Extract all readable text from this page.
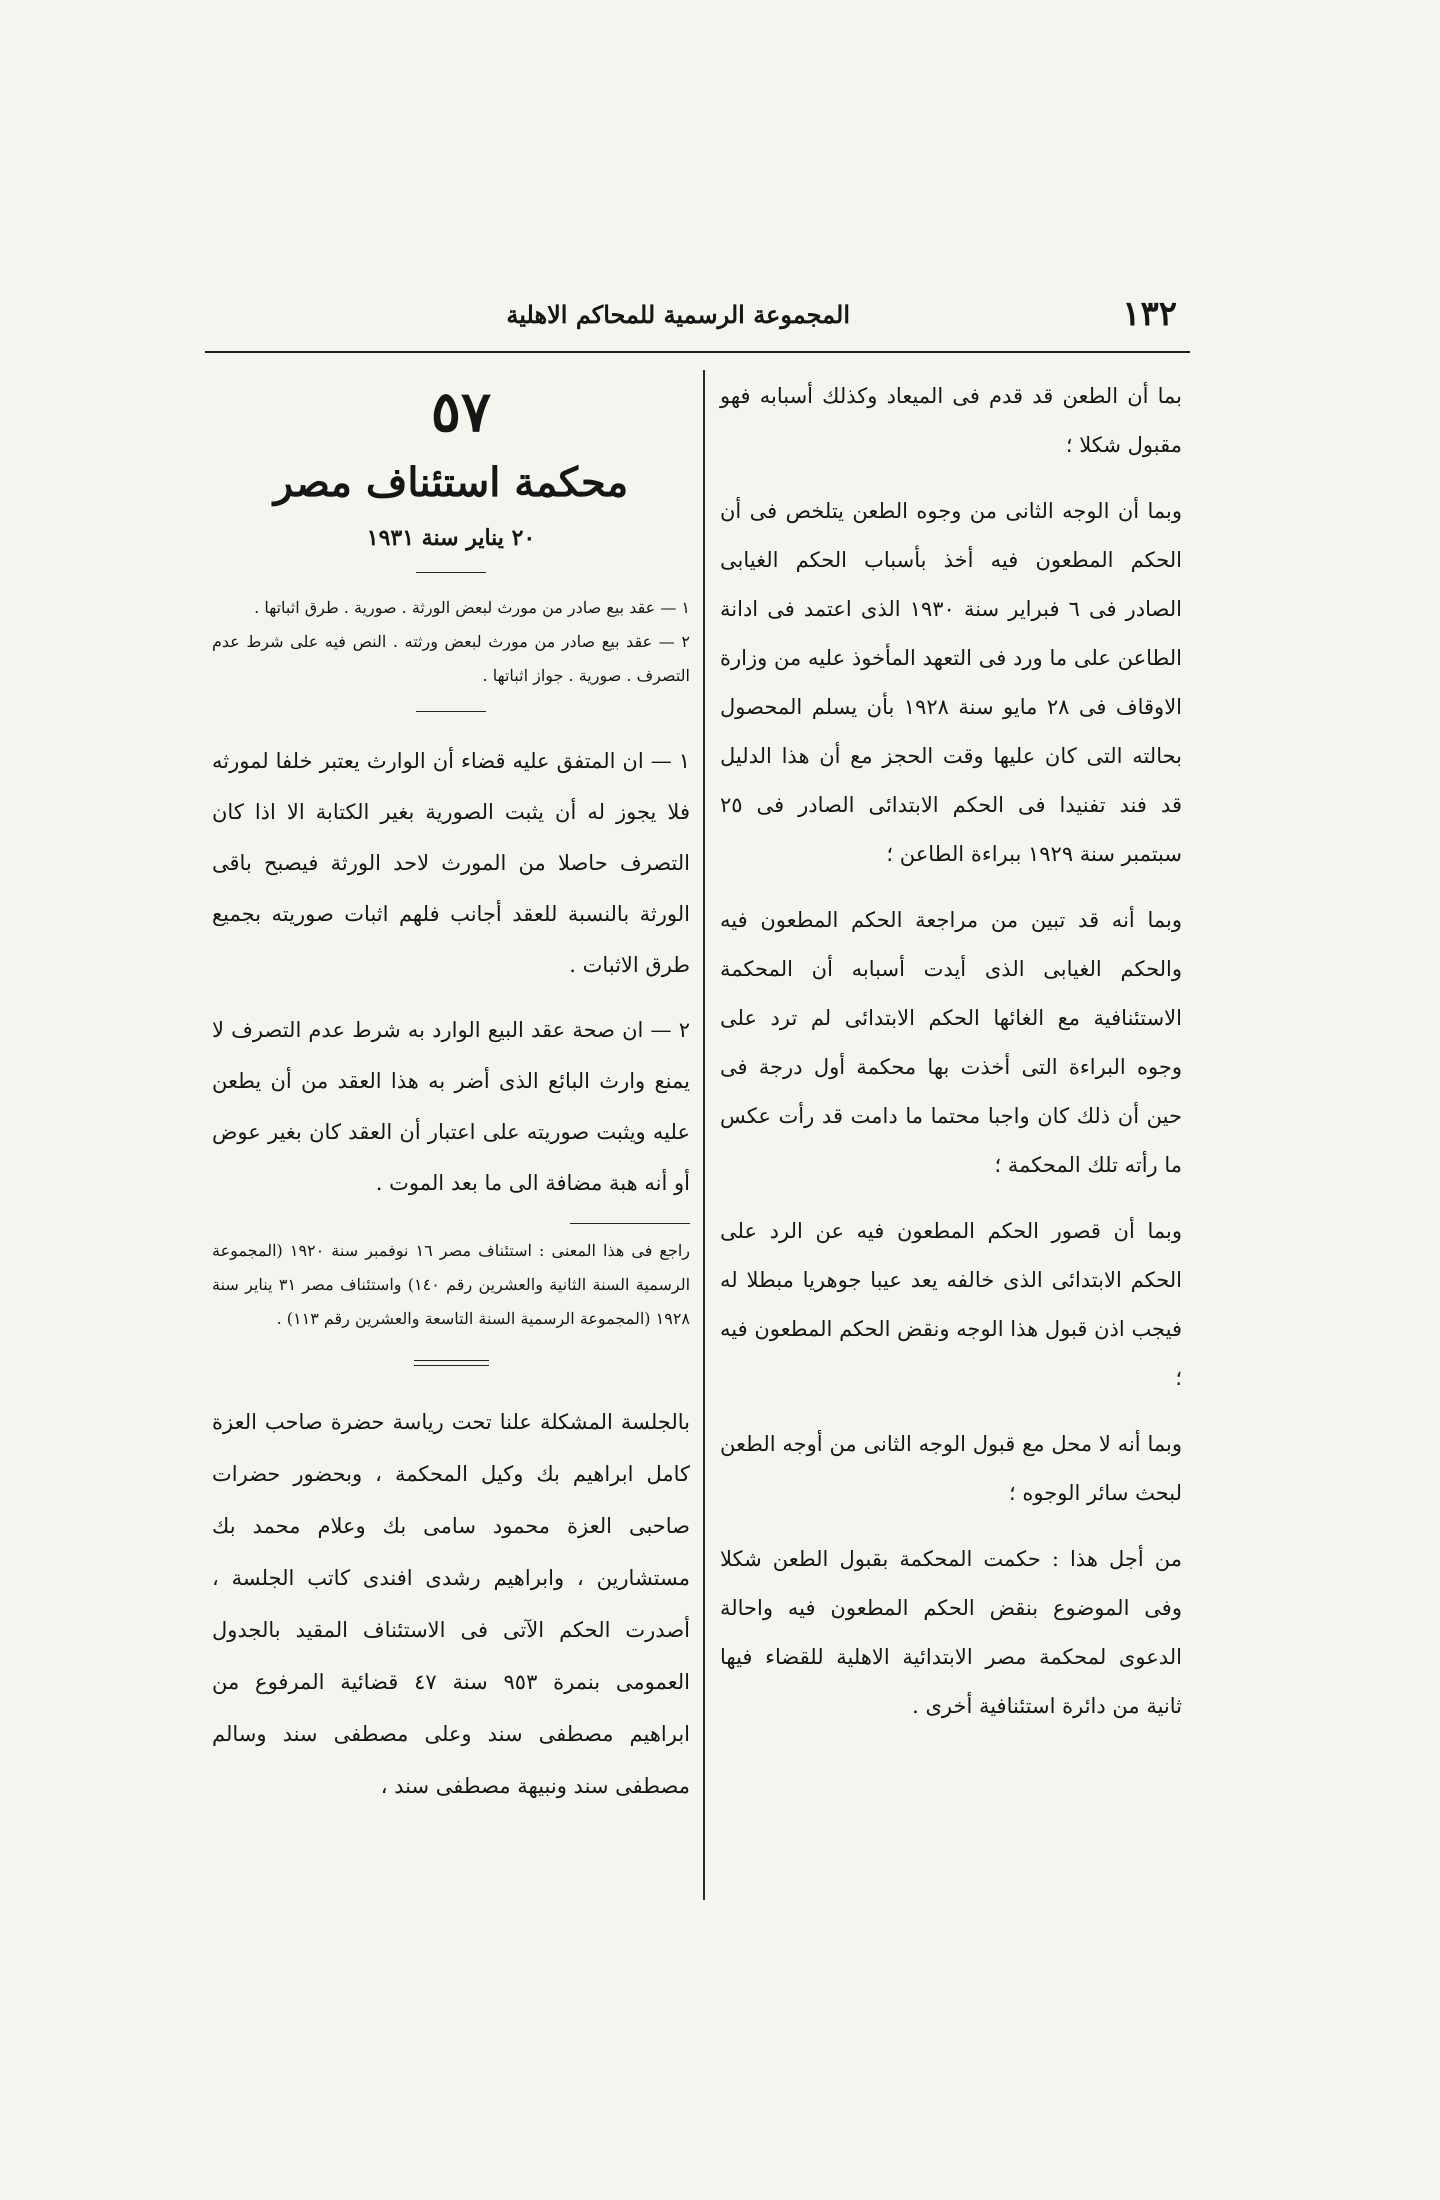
١٣٢
المجموعة الرسمية للمحاكم الاهلية

بما أن الطعن قد قدم فى الميعاد وكذلك أسبابه فهو مقبول شكلا ؛

وبما أن الوجه الثانى من وجوه الطعن يتلخص فى أن الحكم المطعون فيه أخذ بأسباب الحكم الغيابى الصادر فى ٦ فبراير سنة ١٩٣٠ الذى اعتمد فى ادانة الطاعن على ما ورد فى التعهد المأخوذ عليه من وزارة الاوقاف فى ٢٨ مايو سنة ١٩٢٨ بأن يسلم المحصول بحالته التى كان عليها وقت الحجز مع أن هذا الدليل قد فند تفنيدا فى الحكم الابتدائى الصادر فى ٢٥ سبتمبر سنة ١٩٢٩ ببراءة الطاعن ؛

وبما أنه قد تبين من مراجعة الحكم المطعون فيه والحكم الغيابى الذى أيدت أسبابه أن المحكمة الاستئنافية مع الغائها الحكم الابتدائى لم ترد على وجوه البراءة التى أخذت بها محكمة أول درجة فى حين أن ذلك كان واجبا محتما ما دامت قد رأت عكس ما رأته تلك المحكمة ؛

وبما أن قصور الحكم المطعون فيه عن الرد على الحكم الابتدائى الذى خالفه يعد عيبا جوهريا مبطلا له فيجب اذن قبول هذا الوجه ونقض الحكم المطعون فيه ؛

وبما أنه لا محل مع قبول الوجه الثانى من أوجه الطعن لبحث سائر الوجوه ؛

من أجل هذا : حكمت المحكمة بقبول الطعن شكلا وفى الموضوع بنقض الحكم المطعون فيه واحالة الدعوى لمحكمة مصر الابتدائية الاهلية للقضاء فيها ثانية من دائرة استئنافية أخرى .

٥٧
محكمة استئناف مصر
٢٠ يناير سنة ١٩٣١

١ — عقد بيع صادر من مورث لبعض الورثة . صورية . طرق اثباتها .

٢ — عقد بيع صادر من مورث لبعض ورثته . النص فيه على شرط عدم التصرف . صورية . جواز اثباتها .

١ — ان المتفق عليه قضاء أن الوارث يعتبر خلفا لمورثه فلا يجوز له أن يثبت الصورية بغير الكتابة الا اذا كان التصرف حاصلا من المورث لاحد الورثة فيصبح باقى الورثة بالنسبة للعقد أجانب فلهم اثبات صوريته بجميع طرق الاثبات .

٢ — ان صحة عقد البيع الوارد به شرط عدم التصرف لا يمنع وارث البائع الذى أضر به هذا العقد من أن يطعن عليه ويثبت صوريته على اعتبار أن العقد كان بغير عوض أو أنه هبة مضافة الى ما بعد الموت .

راجع فى هذا المعنى : استئناف مصر ١٦ نوفمبر سنة ١٩٢٠ (المجموعة الرسمية السنة الثانية والعشرين رقم ١٤٠) واستئناف مصر ٣١ يناير سنة ١٩٢٨ (المجموعة الرسمية السنة التاسعة والعشرين رقم ١١٣) .

بالجلسة المشكلة علنا تحت رياسة حضرة صاحب العزة كامل ابراهيم بك وكيل المحكمة ، وبحضور حضرات صاحبى العزة محمود سامى بك وعلام محمد بك مستشارين ، وابراهيم رشدى افندى كاتب الجلسة ، أصدرت الحكم الآتى فى الاستئناف المقيد بالجدول العمومى بنمرة ٩٥٣ سنة ٤٧ قضائية المرفوع من ابراهيم مصطفى سند وعلى مصطفى سند وسالم مصطفى سند ونبيهة مصطفى سند ،
